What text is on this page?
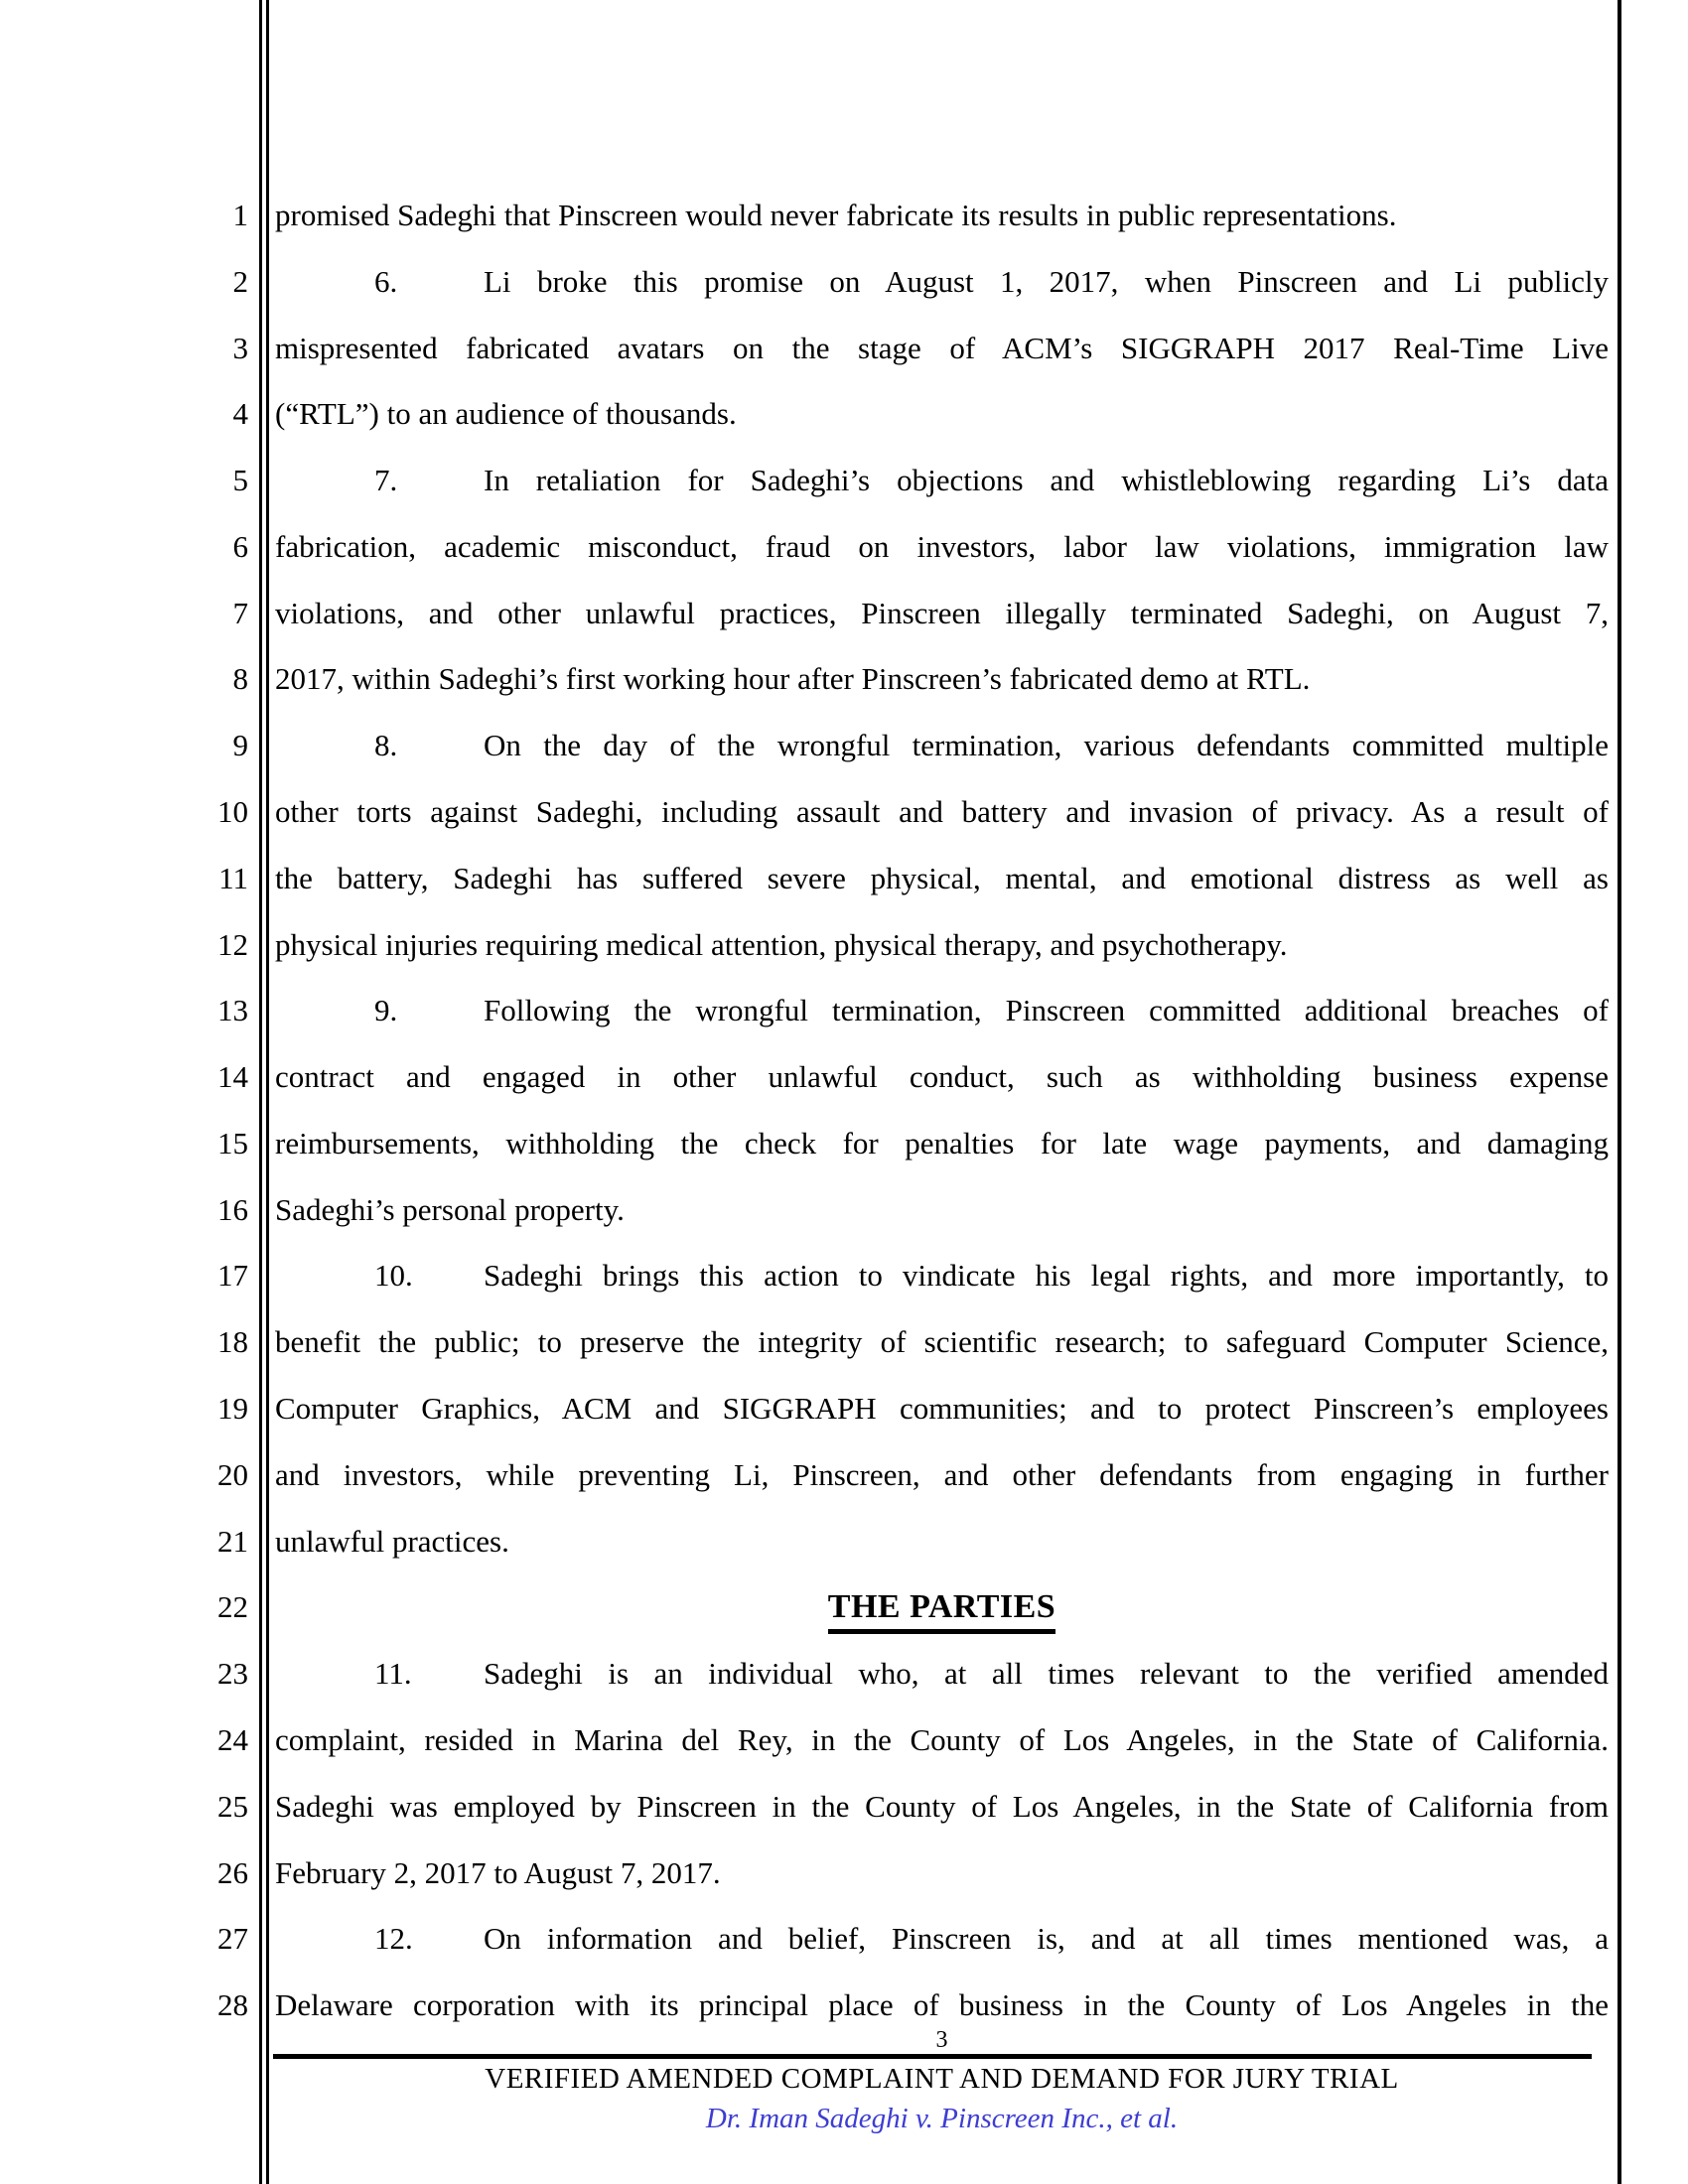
1 promised Sadeghi that Pinscreen would never fabricate its results in public representations.
2	6.	Li broke this promise on August 1, 2017, when Pinscreen and Li publicly
3 mispresented fabricated avatars on the stage of ACM’s SIGGRAPH 2017 Real-Time Live
4 (“RTL”) to an audience of thousands.
5	7.	In retaliation for Sadeghi’s objections and whistleblowing regarding Li’s data
6 fabrication, academic misconduct, fraud on investors, labor law violations, immigration law
7 violations, and other unlawful practices, Pinscreen illegally terminated Sadeghi, on August 7,
8 2017, within Sadeghi’s first working hour after Pinscreen’s fabricated demo at RTL.
9	8.	On the day of the wrongful termination, various defendants committed multiple
10 other torts against Sadeghi, including assault and battery and invasion of privacy. As a result of
11 the battery, Sadeghi has suffered severe physical, mental, and emotional distress as well as
12 physical injuries requiring medical attention, physical therapy, and psychotherapy.
13	9.	Following the wrongful termination, Pinscreen committed additional breaches of
14 contract and engaged in other unlawful conduct, such as withholding business expense
15 reimbursements, withholding the check for penalties for late wage payments, and damaging
16 Sadeghi’s personal property.
17	10. Sadeghi brings this action to vindicate his legal rights, and more importantly, to
18 benefit the public; to preserve the integrity of scientific research; to safeguard Computer Science,
19 Computer Graphics, ACM and SIGGRAPH communities; and to protect Pinscreen’s employees
20 and investors, while preventing Li, Pinscreen, and other defendants from engaging in further
21 unlawful practices.
22	THE PARTIES
23	11. Sadeghi is an individual who, at all times relevant to the verified amended
24 complaint, resided in Marina del Rey, in the County of Los Angeles, in the State of California.
25 Sadeghi was employed by Pinscreen in the County of Los Angeles, in the State of California from
26 February 2, 2017 to August 7, 2017.
27	12. On information and belief, Pinscreen is, and at all times mentioned was, a
28 Delaware corporation with its principal place of business in the County of Los Angeles in the
3
VERIFIED AMENDED COMPLAINT AND DEMAND FOR JURY TRIAL
Dr. Iman Sadeghi v. Pinscreen Inc., et al.
